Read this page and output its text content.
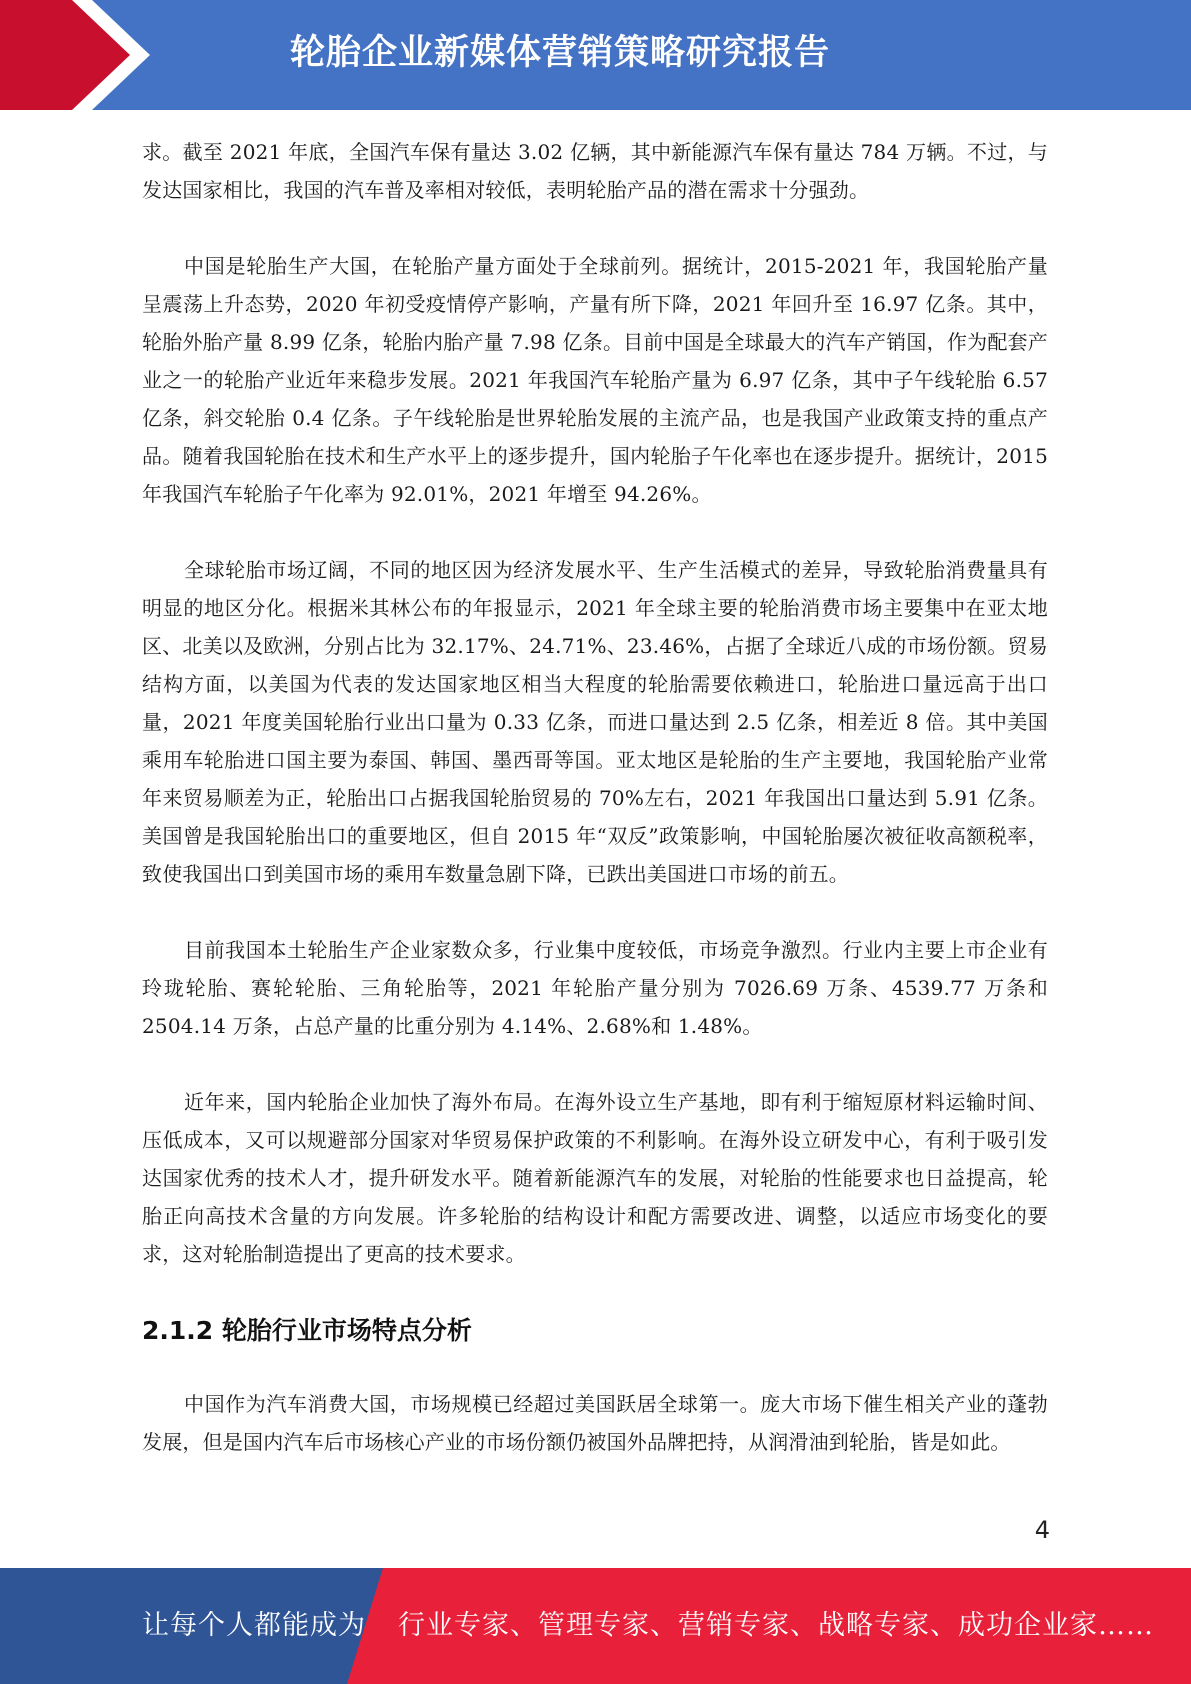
轮胎企业新媒体营销策略研究报告

求。截至 2021 年底，全国汽车保有量达 3.02 亿辆，其中新能源汽车保有量达 784 万辆。不过，与发达国家相比，我国的汽车普及率相对较低，表明轮胎产品的潜在需求十分强劲。

中国是轮胎生产大国，在轮胎产量方面处于全球前列。据统计，2015-2021 年，我国轮胎产量呈震荡上升态势，2020 年初受疫情停产影响，产量有所下降，2021 年回升至 16.97 亿条。其中，轮胎外胎产量 8.99 亿条，轮胎内胎产量 7.98 亿条。目前中国是全球最大的汽车产销国，作为配套产业之一的轮胎产业近年来稳步发展。2021 年我国汽车轮胎产量为 6.97 亿条，其中子午线轮胎 6.57 亿条，斜交轮胎 0.4 亿条。子午线轮胎是世界轮胎发展的主流产品，也是我国产业政策支持的重点产品。随着我国轮胎在技术和生产水平上的逐步提升，国内轮胎子午化率也在逐步提升。据统计，2015 年我国汽车轮胎子午化率为 92.01%，2021 年增至 94.26%。

全球轮胎市场辽阔，不同的地区因为经济发展水平、生产生活模式的差异，导致轮胎消费量具有明显的地区分化。根据米其林公布的年报显示，2021 年全球主要的轮胎消费市场主要集中在亚太地区、北美以及欧洲，分别占比为 32.17%、24.71%、23.46%，占据了全球近八成的市场份额。贸易结构方面，以美国为代表的发达国家地区相当大程度的轮胎需要依赖进口，轮胎进口量远高于出口量，2021 年度美国轮胎行业出口量为 0.33 亿条，而进口量达到 2.5 亿条，相差近 8 倍。其中美国乘用车轮胎进口国主要为泰国、韩国、墨西哥等国。亚太地区是轮胎的生产主要地，我国轮胎产业常年来贸易顺差为正，轮胎出口占据我国轮胎贸易的 70%左右，2021 年我国出口量达到 5.91 亿条。美国曾是我国轮胎出口的重要地区，但自 2015 年“双反”政策影响，中国轮胎屡次被征收高额税率，致使我国出口到美国市场的乘用车数量急剧下降，已跌出美国进口市场的前五。

目前我国本土轮胎生产企业家数众多，行业集中度较低，市场竞争激烈。行业内主要上市企业有玲珑轮胎、赛轮轮胎、三角轮胎等，2021 年轮胎产量分别为 7026.69 万条、4539.77 万条和 2504.14 万条，占总产量的比重分别为 4.14%、2.68%和 1.48%。

近年来，国内轮胎企业加快了海外布局。在海外设立生产基地，即有利于缩短原材料运输时间、压低成本，又可以规避部分国家对华贸易保护政策的不利影响。在海外设立研发中心，有利于吸引发达国家优秀的技术人才，提升研发水平。随着新能源汽车的发展，对轮胎的性能要求也日益提高，轮胎正向高技术含量的方向发展。许多轮胎的结构设计和配方需要改进、调整，以适应市场变化的要求，这对轮胎制造提出了更高的技术要求。

2.1.2 轮胎行业市场特点分析

中国作为汽车消费大国，市场规模已经超过美国跃居全球第一。庞大市场下催生相关产业的蓬勃发展，但是国内汽车后市场核心产业的市场份额仍被国外品牌把持，从润滑油到轮胎，皆是如此。

4
让每个人都能成为 行业专家、管理专家、营销专家、战略专家、成功企业家……
